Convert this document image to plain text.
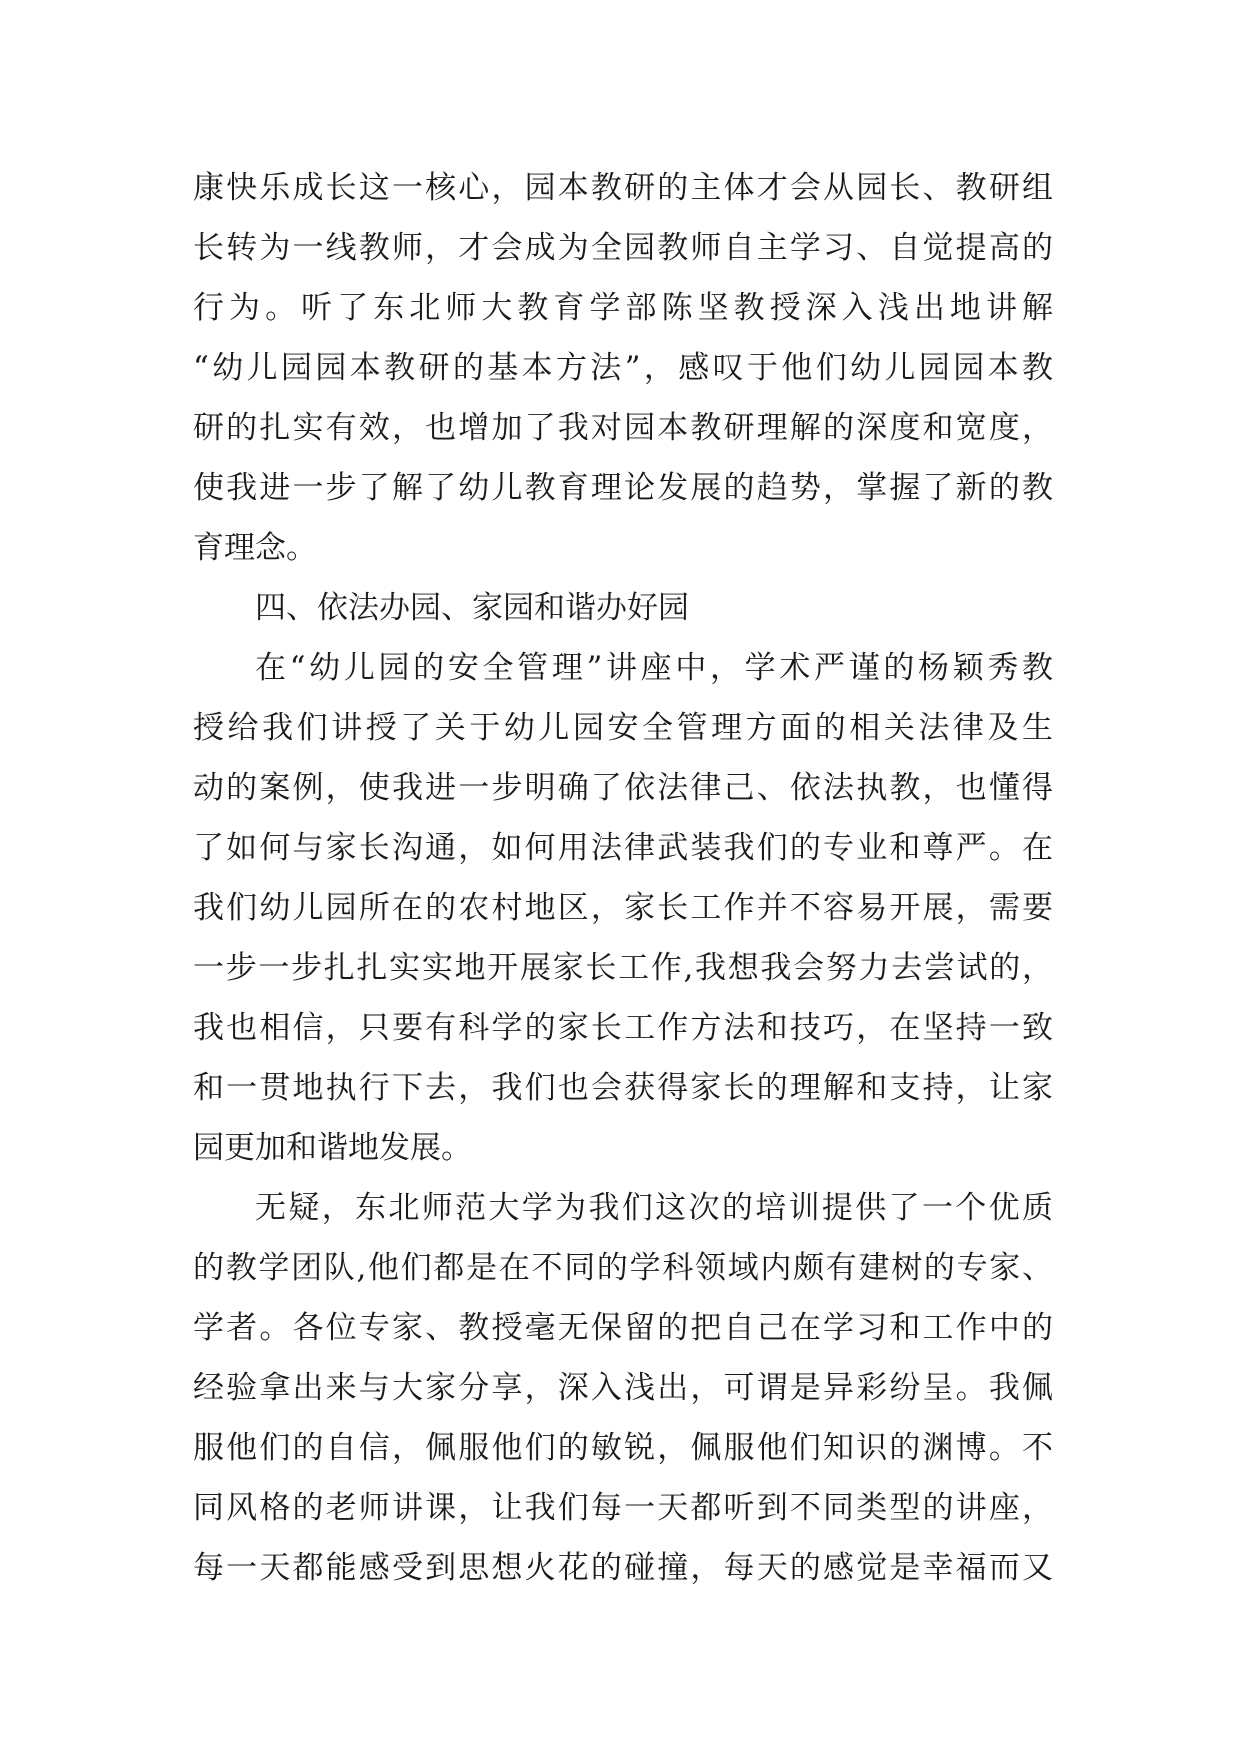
康快乐成长这一核心，园本教研的主体才会从园长、教研组
长转为一线教师，才会成为全园教师自主学习、自觉提高的
行为。听了东北师大教育学部陈坚教授深入浅出地讲解
“幼儿园园本教研的基本方法”，感叹于他们幼儿园园本教
研的扎实有效，也增加了我对园本教研理解的深度和宽度，
使我进一步了解了幼儿教育理论发展的趋势，掌握了新的教
育理念。
四、依法办园、家园和谐办好园
在“幼儿园的安全管理”讲座中，学术严谨的杨颖秀教
授给我们讲授了关于幼儿园安全管理方面的相关法律及生
动的案例，使我进一步明确了依法律己、依法执教，也懂得
了如何与家长沟通，如何用法律武装我们的专业和尊严。在
我们幼儿园所在的农村地区，家长工作并不容易开展，需要
一步一步扎扎实实地开展家长工作,我想我会努力去尝试的，
我也相信，只要有科学的家长工作方法和技巧，在坚持一致
和一贯地执行下去，我们也会获得家长的理解和支持，让家
园更加和谐地发展。
无疑，东北师范大学为我们这次的培训提供了一个优质
的教学团队,他们都是在不同的学科领域内颇有建树的专家、
学者。各位专家、教授毫无保留的把自己在学习和工作中的
经验拿出来与大家分享，深入浅出，可谓是异彩纷呈。我佩
服他们的自信，佩服他们的敏锐，佩服他们知识的渊博。不
同风格的老师讲课，让我们每一天都听到不同类型的讲座，
每一天都能感受到思想火花的碰撞，每天的感觉是幸福而又
